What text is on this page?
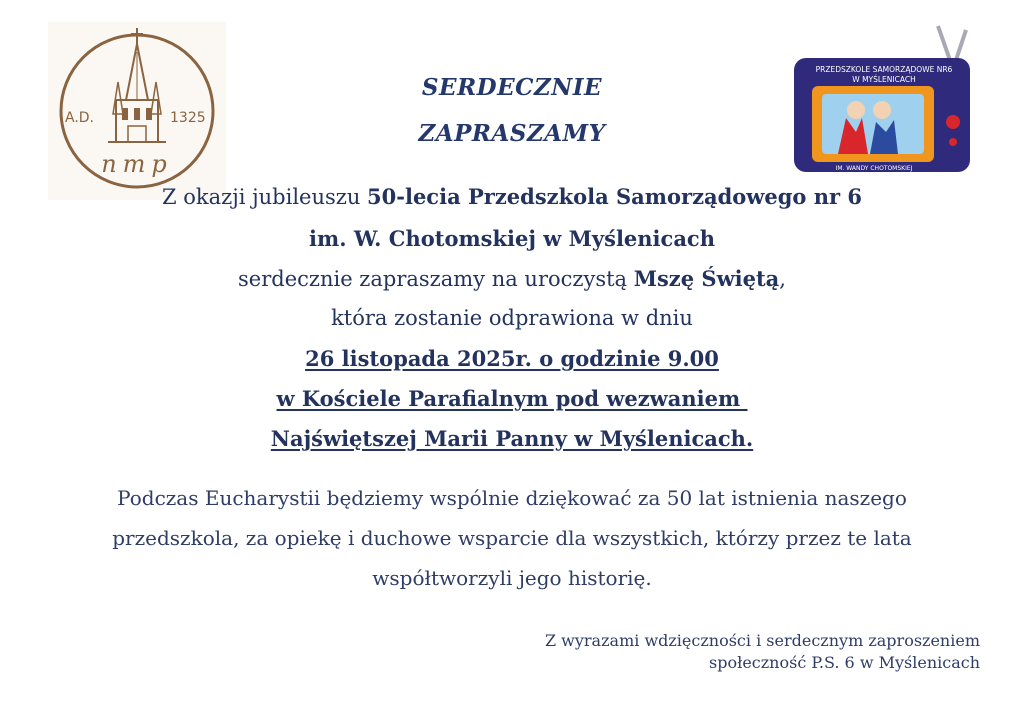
A.D.	1325
nmp
PRZEDSZKOLE SAMORZĄDOWE NR6
W MYŚLENICACH
IM. WANDY CHOTOMSKIEJ
SERDECZNIE
ZAPRASZAMY
Z okazji jubileuszu 50-lecia Przedszkola Samorządowego nr 6
im. W. Chotomskiej w Myślenicach
serdecznie zapraszamy na uroczystą Mszę Świętą,
która zostanie odprawiona w dniu
26 listopada 2025r. o godzinie 9.00
w Kościele Parafialnym pod wezwaniem
Najświętszej Marii Panny w Myślenicach.
Podczas Eucharystii będziemy wspólnie dziękować za 50 lat istnienia naszego
przedszkola, za opiekę i duchowe wsparcie dla wszystkich, którzy przez te lata
współtworzyli jego historię.
Z wyrazami wdzięczności i serdecznym zaproszeniem
społeczność P.S. 6 w Myślenicach
